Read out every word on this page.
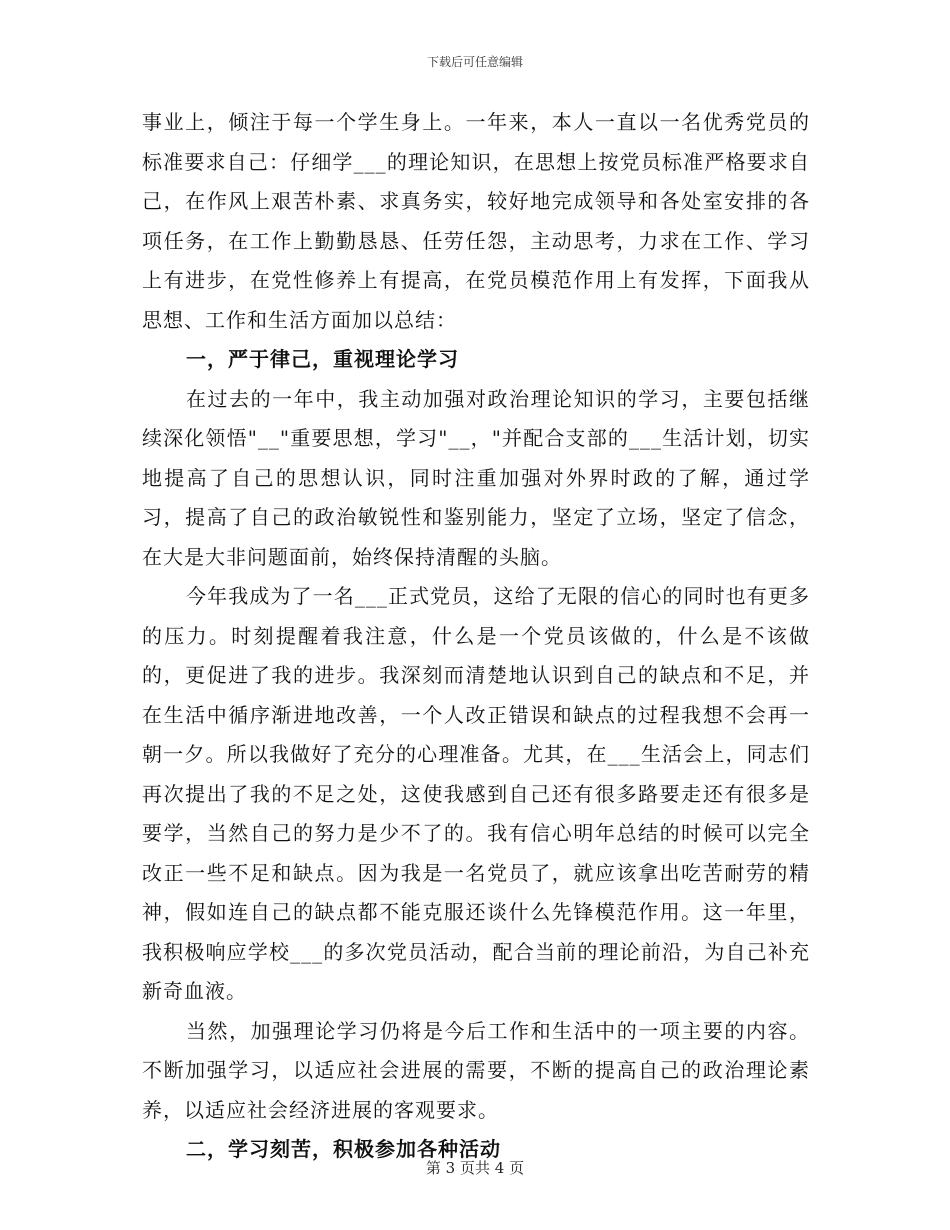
下载后可任意编辑

事业上，倾注于每一个学生身上。一年来，本人一直以一名优秀党员的标准要求自己：仔细学___的理论知识，在思想上按党员标准严格要求自己，在作风上艰苦朴素、求真务实，较好地完成领导和各处室安排的各项任务，在工作上勤勤恳恳、任劳任怨，主动思考，力求在工作、学习上有进步，在党性修养上有提高，在党员模范作用上有发挥，下面我从思想、工作和生活方面加以总结：

一，严于律己，重视理论学习

在过去的一年中，我主动加强对政治理论知识的学习，主要包括继续深化领悟"__"重要思想，学习"__，"并配合支部的___生活计划，切实地提高了自己的思想认识，同时注重加强对外界时政的了解，通过学习，提高了自己的政治敏锐性和鉴别能力，坚定了立场，坚定了信念，在大是大非问题面前，始终保持清醒的头脑。

今年我成为了一名___正式党员，这给了无限的信心的同时也有更多的压力。时刻提醒着我注意，什么是一个党员该做的，什么是不该做的，更促进了我的进步。我深刻而清楚地认识到自己的缺点和不足，并在生活中循序渐进地改善，一个人改正错误和缺点的过程我想不会再一朝一夕。所以我做好了充分的心理准备。尤其，在___生活会上，同志们再次提出了我的不足之处，这使我感到自己还有很多路要走还有很多是要学，当然自己的努力是少不了的。我有信心明年总结的时候可以完全改正一些不足和缺点。因为我是一名党员了，就应该拿出吃苦耐劳的精神，假如连自己的缺点都不能克服还谈什么先锋模范作用。这一年里，我积极响应学校___的多次党员活动，配合当前的理论前沿，为自己补充新奇血液。

当然，加强理论学习仍将是今后工作和生活中的一项主要的内容。不断加强学习，以适应社会进展的需要，不断的提高自己的政治理论素养，以适应社会经济进展的客观要求。

二，学习刻苦，积极参加各种活动
第 3 页共 4 页
